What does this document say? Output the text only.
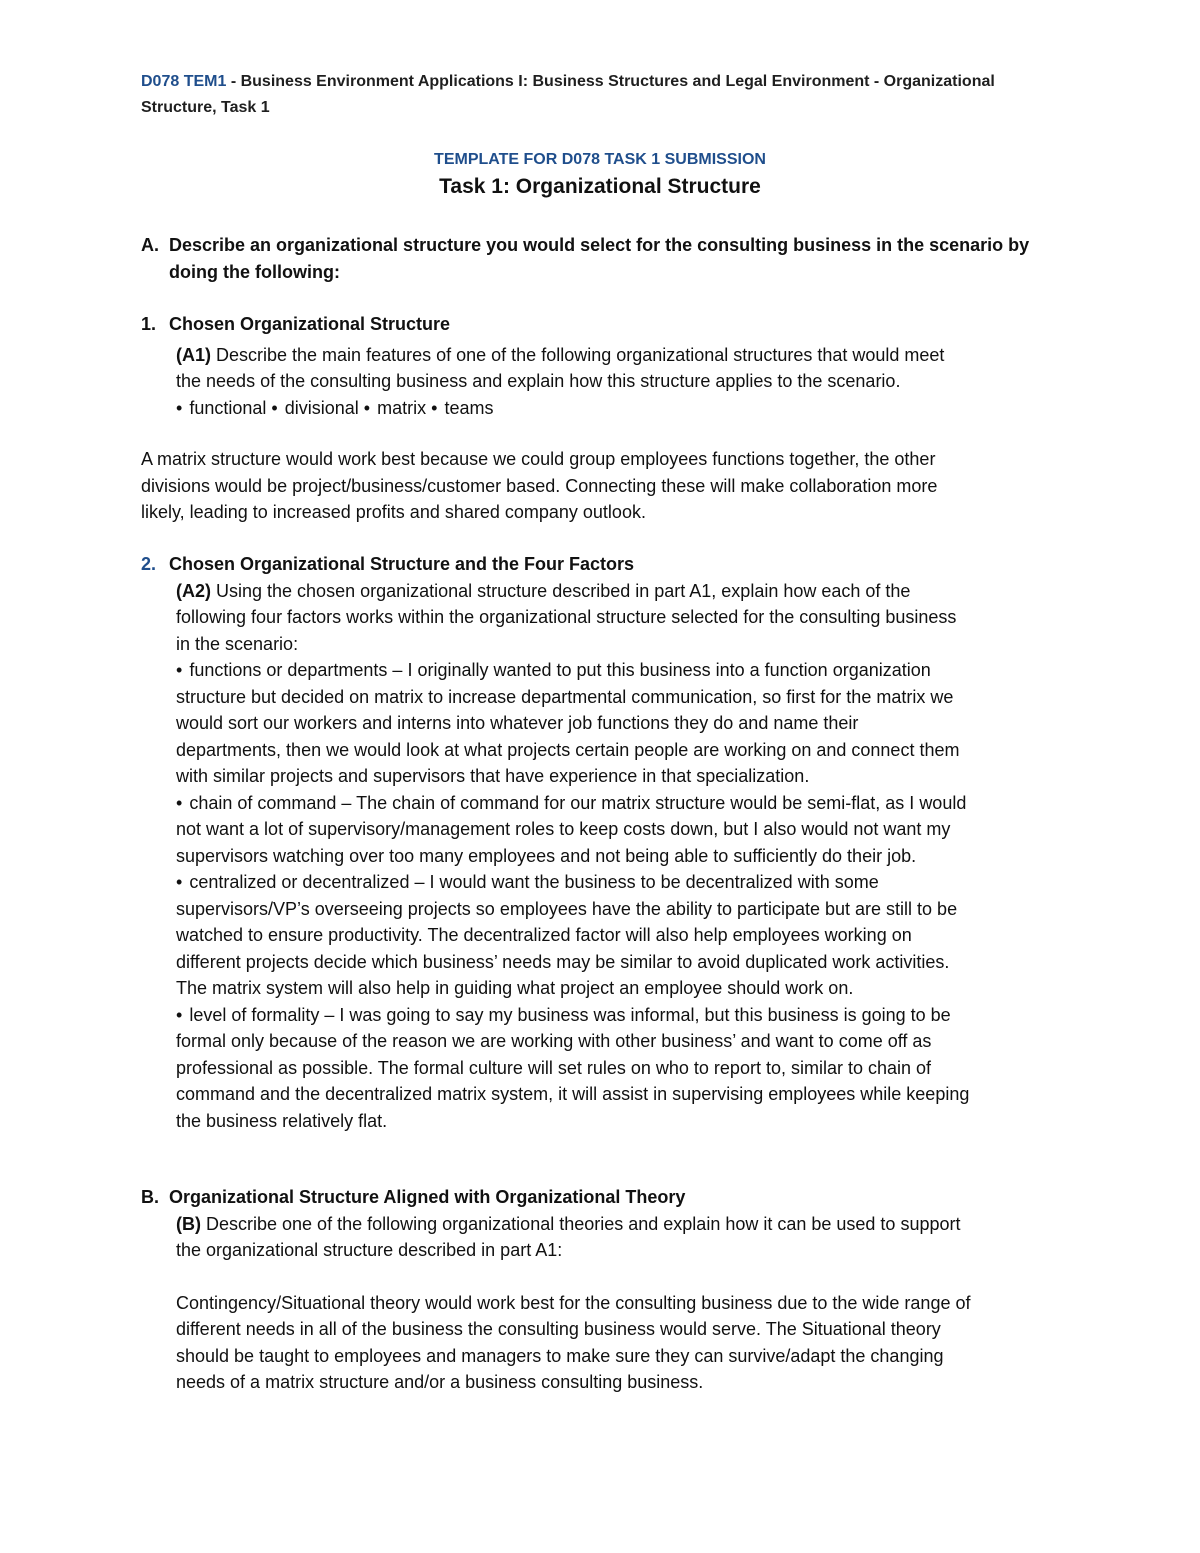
D078 TEM1 - Business Environment Applications I: Business Structures and Legal Environment - Organizational
Structure, Task 1
TEMPLATE FOR D078 TASK 1 SUBMISSION
Task 1: Organizational Structure
A. Describe an organizational structure you would select for the consulting business in the scenario by
doing the following:
1. Chosen Organizational Structure
(A1) Describe the main features of one of the following organizational structures that would meet
the needs of the consulting business and explain how this structure applies to the scenario.
• functional • divisional • matrix • teams
A matrix structure would work best because we could group employees functions together, the other
divisions would be project/business/customer based. Connecting these will make collaboration more
likely, leading to increased profits and shared company outlook.
2. Chosen Organizational Structure and the Four Factors
(A2) Using the chosen organizational structure described in part A1, explain how each of the
following four factors works within the organizational structure selected for the consulting business
in the scenario:
• functions or departments – I originally wanted to put this business into a function organization
structure but decided on matrix to increase departmental communication, so first for the matrix we
would sort our workers and interns into whatever job functions they do and name their
departments, then we would look at what projects certain people are working on and connect them
with similar projects and supervisors that have experience in that specialization.
• chain of command – The chain of command for our matrix structure would be semi-flat, as I would
not want a lot of supervisory/management roles to keep costs down, but I also would not want my
supervisors watching over too many employees and not being able to sufficiently do their job.
• centralized or decentralized – I would want the business to be decentralized with some
supervisors/VP’s overseeing projects so employees have the ability to participate but are still to be
watched to ensure productivity. The decentralized factor will also help employees working on
different projects decide which business’ needs may be similar to avoid duplicated work activities.
The matrix system will also help in guiding what project an employee should work on.
• level of formality – I was going to say my business was informal, but this business is going to be
formal only because of the reason we are working with other business’ and want to come off as
professional as possible. The formal culture will set rules on who to report to, similar to chain of
command and the decentralized matrix system, it will assist in supervising employees while keeping
the business relatively flat.
B. Organizational Structure Aligned with Organizational Theory
(B) Describe one of the following organizational theories and explain how it can be used to support
the organizational structure described in part A1:
Contingency/Situational theory would work best for the consulting business due to the wide range of
different needs in all of the business the consulting business would serve. The Situational theory
should be taught to employees and managers to make sure they can survive/adapt the changing
needs of a matrix structure and/or a business consulting business.
